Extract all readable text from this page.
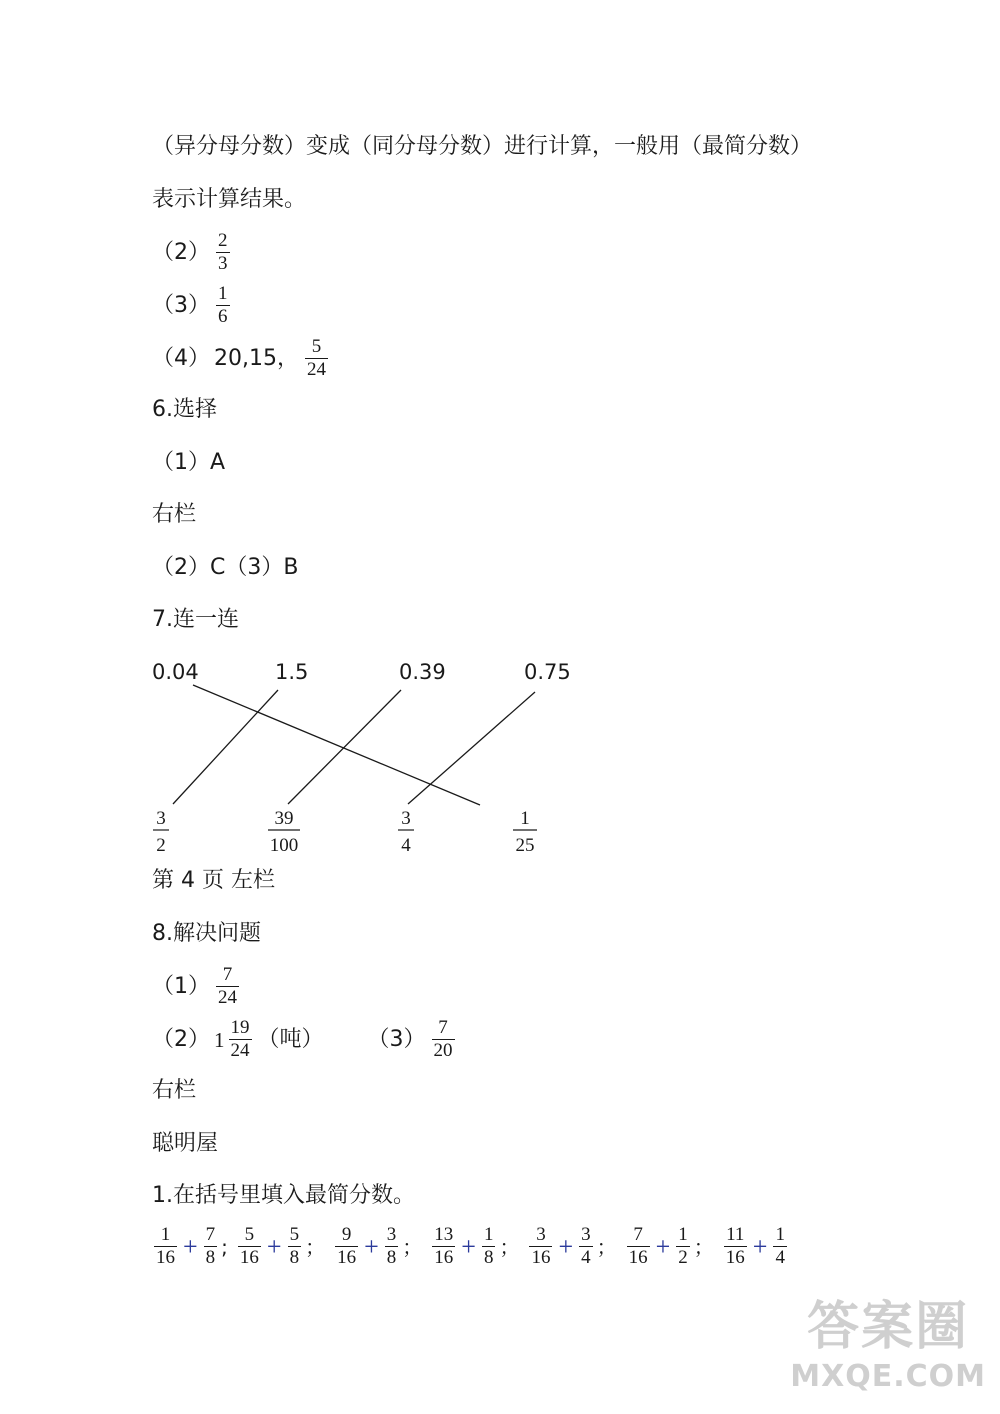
（异分母分数）变成（同分母分数）进行计算，一般用（最简分数）
表示计算结果。
$(2) \frac{2}{3}$
$(3) \frac{1}{6}$
（4） 20,15， $\frac{5}{24}$
6.选择
（1）A
右栏
（2）C（3）B
7.连一连
0.04	1.5	0.39	0.75
3
2
39
100
3
4
1
25
第 4 页 左栏
8.解决问题
$(1) \frac{7}{24}$
（2） $1 \frac{19}{24}$ （吨） $(3) \frac{7}{20}$
右栏
聪明屋
1.在括号里填入最简分数。
$\frac{1}{16} + \frac{7}{8}$ ; $\frac{5}{16} + \frac{5}{8}$ ； $\frac{9}{16} + \frac{3}{8}$ ； $\frac{13}{16} + \frac{1}{8}$ ； $\frac{3}{16} + \frac{3}{4}$ ； $\frac{7}{16} + \frac{1}{2}$ ； $\frac{11}{16} + \frac{1}{4}$
答案圈
MXQE.COM
